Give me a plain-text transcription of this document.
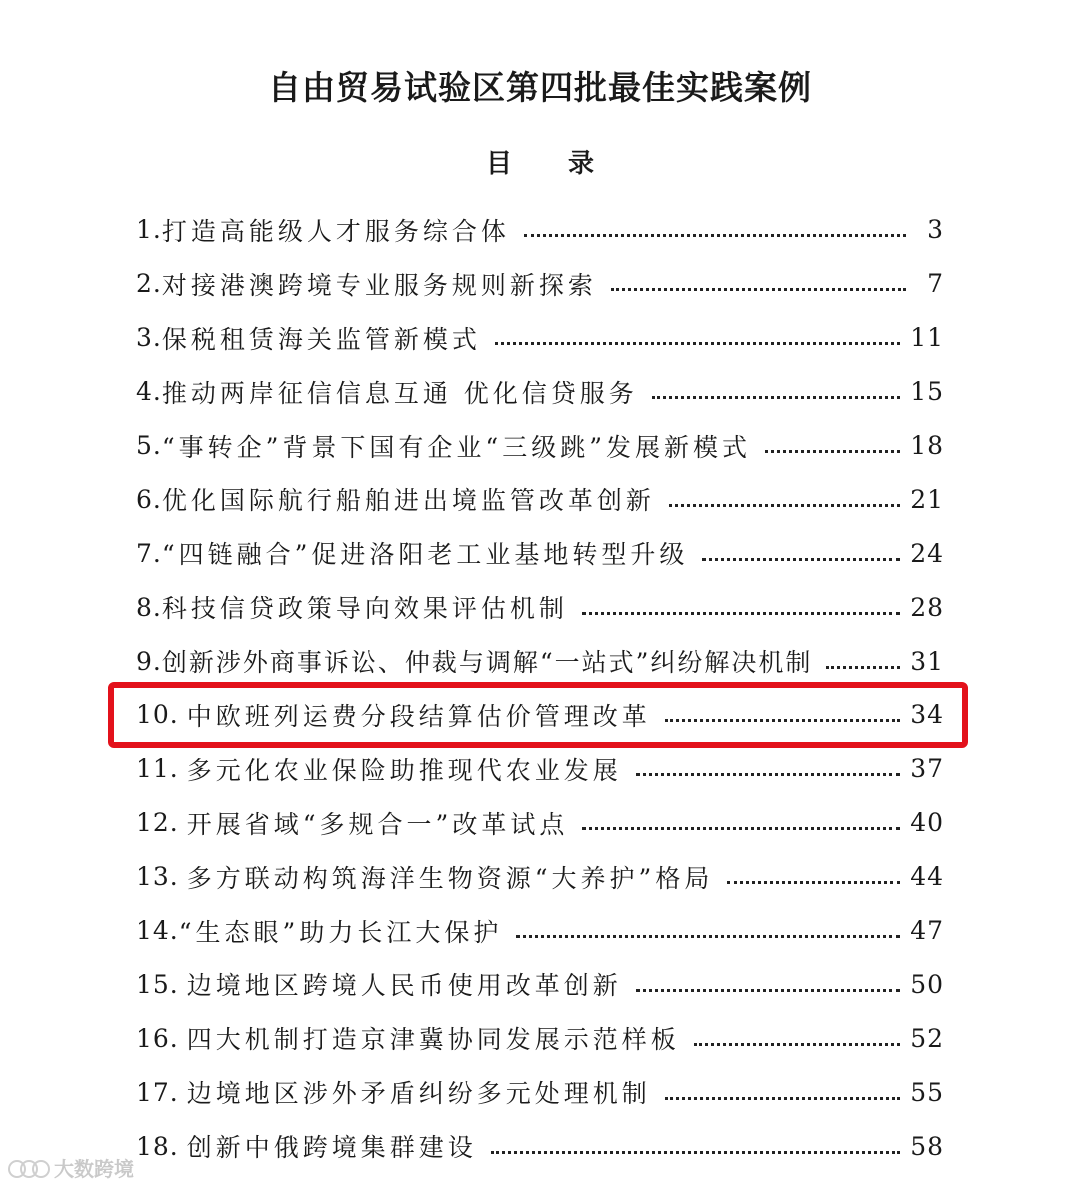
自由贸易试验区第四批最佳实践案例
目录
1. 打造高能级人才服务综合体	3
2. 对接港澳跨境专业服务规则新探索	7
3. 保税租赁海关监管新模式	11
4. 推动两岸征信信息互通 优化信贷服务	15
5. “事转企”背景下国有企业“三级跳”发展新模式	18
6. 优化国际航行船舶进出境监管改革创新	21
7. “四链融合”促进洛阳老工业基地转型升级	24
8. 科技信贷政策导向效果评估机制	28
9. 创新涉外商事诉讼、仲裁与调解“一站式”纠纷解决机制	31
10. 中欧班列运费分段结算估价管理改革	34
11. 多元化农业保险助推现代农业发展	37
12. 开展省域“多规合一”改革试点	40
13. 多方联动构筑海洋生物资源“大养护”格局	44
14. “生态眼”助力长江大保护	47
15. 边境地区跨境人民币使用改革创新	50
16. 四大机制打造京津冀协同发展示范样板	52
17. 边境地区涉外矛盾纠纷多元处理机制	55
18. 创新中俄跨境集群建设	58
大数跨境
